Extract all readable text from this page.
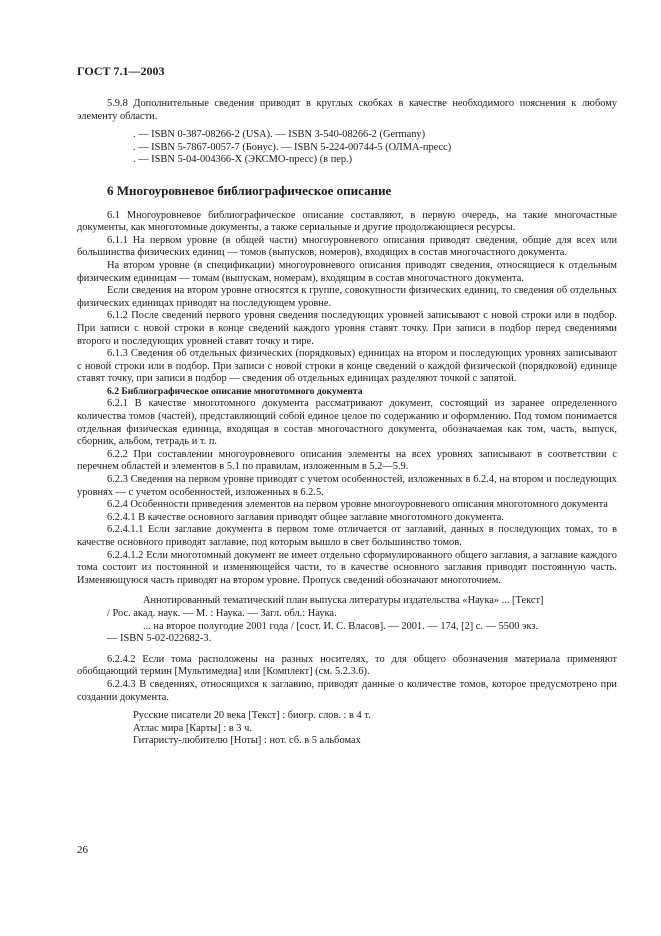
ГОСТ 7.1—2003

5.9.8 Дополнительные сведения приводят в круглых скобках в качестве необходимого пояснения к любому элементу области.

. — ISBN 0-387-08266-2 (USA). — ISBN 3-540-08266-2 (Germany)

. — ISBN 5-7867-0057-7 (Бонус). — ISBN 5-224-00744-5 (ОЛМА-пресс)

. — ISBN 5-04-004366-X (ЭКСМО-пресс) (в пер.)

6 Многоуровневое библиографическое описание

6.1 Многоуровневое библиографическое описание составляют, в первую очередь, на такие многочастные документы, как многотомные документы, а также сериальные и другие продолжающиеся ресурсы.

6.1.1 На первом уровне (в общей части) многоуровневого описания приводят сведения, общие для всех или большинства физических единиц — томов (выпусков, номеров), входящих в состав многочастного документа.

На втором уровне (в спецификации) многоуровневого описания приводят сведения, относящиеся к отдельным физическим единицам — томам (выпускам, номерам), входящим в состав многочастного документа.

Если сведения на втором уровне относятся к группе, совокупности физических единиц, то сведения об отдельных физических единицах приводят на последующем уровне.

6.1.2 После сведений первого уровня сведения последующих уровней записывают с новой строки или в подбор. При записи с новой строки в конце сведений каждого уровня ставят точку. При записи в подбор перед сведениями второго и последующих уровней ставят точку и тире.

6.1.3 Сведения об отдельных физических (порядковых) единицах на втором и последующих уровнях записывают с новой строки или в подбор. При записи с новой строки в конце сведений о каждой физической (порядковой) единице ставят точку, при записи в подбор — сведения об отдельных единицах разделяют точкой с запятой.

6.2 Библиографическое описание многотомного документа

6.2.1 В качестве многотомного документа рассматривают документ, состоящий из заранее определенного количества томов (частей), представляющий собой единое целое по содержанию и оформлению. Под томом понимается отдельная физическая единица, входящая в состав многочастного документа, обозначаемая как том, часть, выпуск, сборник, альбом, тетрадь и т. п.

6.2.2 При составлении многоуровневого описания элементы на всех уровнях записывают в соответствии с перечнем областей и элементов в 5.1 по правилам, изложенным в 5.2—5.9.

6.2.3 Сведения на первом уровне приводят с учетом особенностей, изложенных в 6.2.4, на втором и последующих уровнях — с учетом особенностей, изложенных в 6.2.5.

6.2.4 Особенности приведения элементов на первом уровне многоуровневого описания многотомного документа

6.2.4.1 В качестве основного заглавия приводят общее заглавие многотомного документа.

6.2.4.1.1 Если заглавие документа в первом томе отличается от заглавий, данных в последующих томах, то в качестве основного приводят заглавие, под которым вышло в свет большинство томов.

6.2.4.1.2 Если многотомный документ не имеет отдельно сформулированного общего заглавия, а заглавие каждого тома состоит из постоянной и изменяющейся части, то в качестве основного заглавия приводят постоянную часть. Изменяющуюся часть приводят на втором уровне. Пропуск сведений обозначают многоточием.

Аннотированный тематический план выпуска литературы издательства «Наука» ... [Текст]
/ Рос. акад. наук. — М. : Наука. — Загл. обл.: Наука.
... на второе полугодие 2001 года / [сост. И. С. Власов]. — 2001. — 174, [2] с. — 5500 экз.
— ISBN 5-02-022682-3.

6.2.4.2 Если тома расположены на разных носителях, то для общего обозначения материала применяют обобщающий термин [Мультимедиа] или [Комплект] (см. 5.2.3.6).

6.2.4.3 В сведениях, относящихся к заглавию, приводят данные о количестве томов, которое предусмотрено при создании документа.

Русские писатели 20 века [Текст] : биогр. слов. : в 4 т.

Атлас мира [Карты] : в 3 ч.

Гитаристу-любителю [Ноты] : нот. сб. в 5 альбомах

26
